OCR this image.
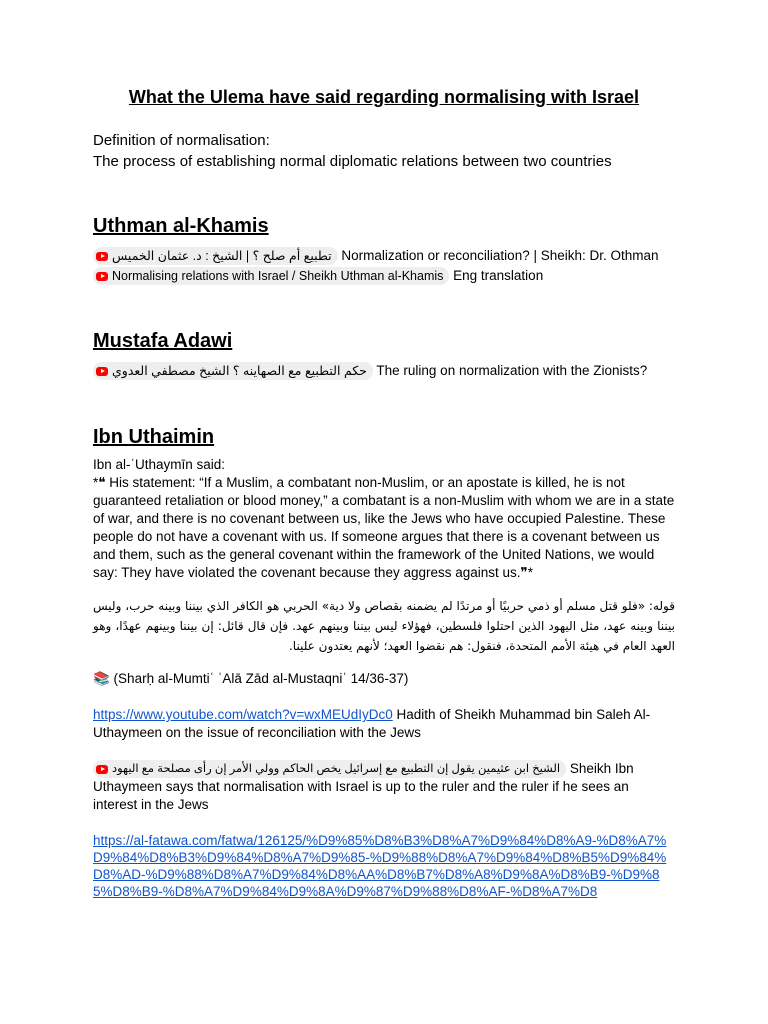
What the Ulema have said regarding normalising with Israel

Definition of normalisation:

The process of establishing normal diplomatic relations between two countries

Uthman al-Khamis

تطبيع أم صلح ؟ | الشيخ : د. عثمان الخميس Normalization or reconciliation? | Sheikh: Dr. Othman

Normalising relations with Israel / Sheikh Uthman al-Khamis Eng translation

Mustafa Adawi

حكم التطبيع مع الصهاينه ؟ الشيخ مصطفي العدوي The ruling on normalization with the Zionists?

Ibn Uthaimin

Ibn al-ʿUthaymīn said:

*❝ His statement: “If a Muslim, a combatant non-Muslim, or an apostate is killed, he is not guaranteed retaliation or blood money,” a combatant is a non-Muslim with whom we are in a state of war, and there is no covenant between us, like the Jews who have occupied Palestine. These people do not have a covenant with us. If someone argues that there is a covenant between us and them, such as the general covenant within the framework of the United Nations, we would say: They have violated the covenant because they aggress against us.❞*

قوله: «فلو قتل مسلم أو ذمي حربيًا أو مرتدًا لم يضمنه بقصاص ولا دية» الحربي هو الكافر الذي بيننا وبينه حرب، وليس بيننا وبينه عهد، مثل اليهود الذين احتلوا فلسطين، فهؤلاء ليس بيننا وبينهم عهد. فإن قال قائل: إن بيننا وبينهم عهدًا، وهو العهد العام في هيئة الأمم المتحدة، فنقول: هم نقضوا العهد؛ لأنهم يعتدون علينا.

📚 (Sharḥ al-Mumtiʿ ʿAlā Zād al-Mustaqniʿ 14/36-37)

https://www.youtube.com/watch?v=wxMEUdIyDc0 Hadith of Sheikh Muhammad bin Saleh Al-Uthaymeen on the issue of reconciliation with the Jews

الشيخ ابن عثيمين يقول إن التطبيع مع إسرائيل يخص الحاكم وولي الأمر إن رأى مصلحة مع اليهود Sheikh Ibn Uthaymeen says that normalisation with Israel is up to the ruler and the ruler if he sees an interest in the Jews

https://al-fatawa.com/fatwa/126125/%D9%85%D8%B3%D8%A7%D9%84%D8%A9-%D8%A7%D9%84%D8%B3%D9%84%D8%A7%D9%85-%D9%88%D8%A7%D9%84%D8%B5%D9%84%D8%AD-%D9%88%D8%A7%D9%84%D8%AA%D8%B7%D8%A8%D9%8A%D8%B9-%D9%85%D8%B9-%D8%A7%D9%84%D9%8A%D9%87%D9%88%D8%AF-%D8%A7%D8
